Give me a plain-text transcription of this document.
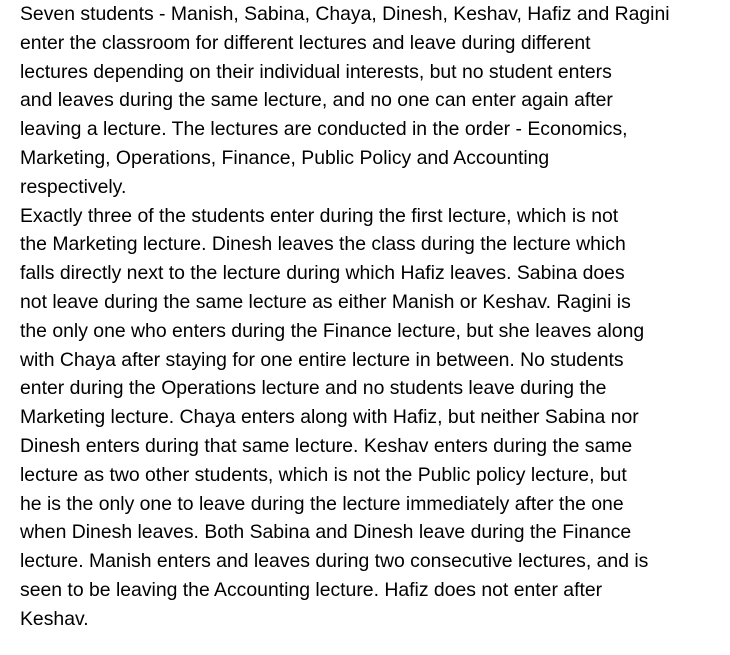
Seven students - Manish, Sabina, Chaya, Dinesh, Keshav, Hafiz and Ragini
enter the classroom for different lectures and leave during different
lectures depending on their individual interests, but no student enters
and leaves during the same lecture, and no one can enter again after
leaving a lecture. The lectures are conducted in the order - Economics,
Marketing, Operations, Finance, Public Policy and Accounting
respectively.

Exactly three of the students enter during the first lecture, which is not
the Marketing lecture. Dinesh leaves the class during the lecture which
falls directly next to the lecture during which Hafiz leaves. Sabina does
not leave during the same lecture as either Manish or Keshav. Ragini is
the only one who enters during the Finance lecture, but she leaves along
with Chaya after staying for one entire lecture in between. No students
enter during the Operations lecture and no students leave during the
Marketing lecture. Chaya enters along with Hafiz, but neither Sabina nor
Dinesh enters during that same lecture. Keshav enters during the same
lecture as two other students, which is not the Public policy lecture, but
he is the only one to leave during the lecture immediately after the one
when Dinesh leaves. Both Sabina and Dinesh leave during the Finance
lecture. Manish enters and leaves during two consecutive lectures, and is
seen to be leaving the Accounting lecture. Hafiz does not enter after
Keshav.
